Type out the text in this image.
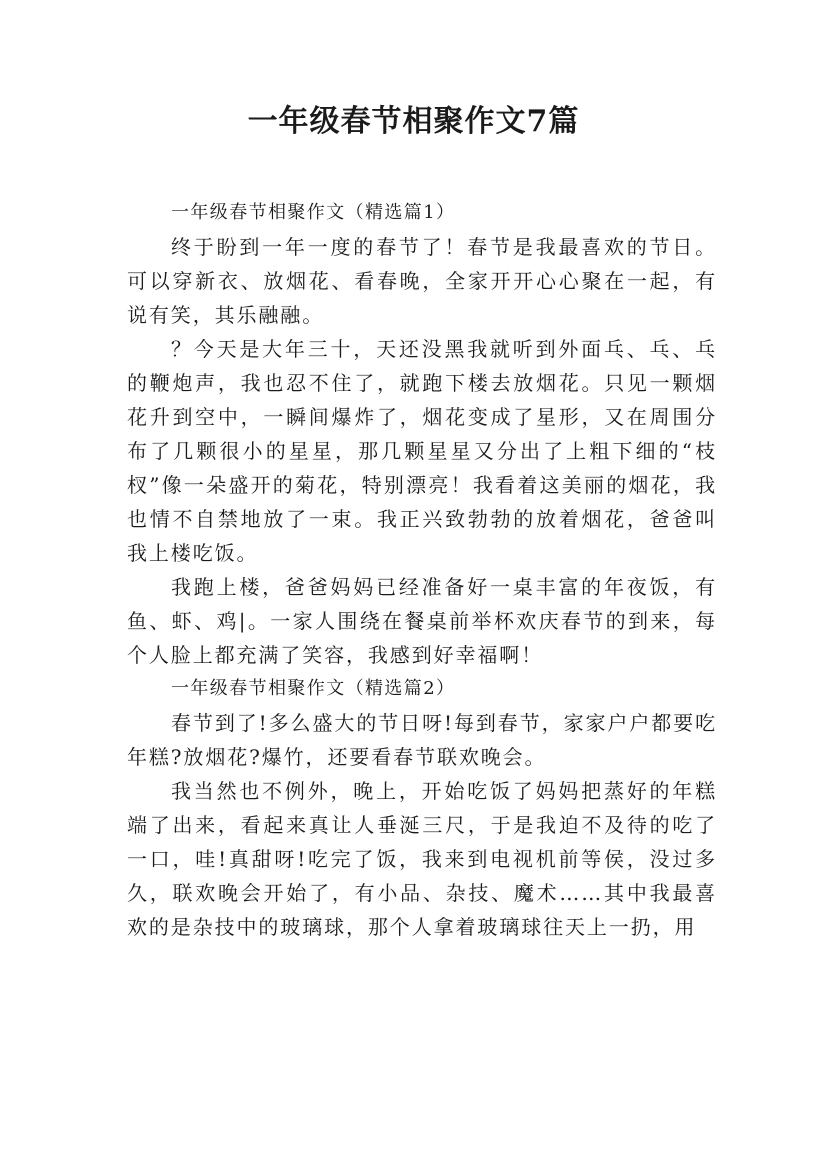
一年级春节相聚作文7篇

一年级春节相聚作文（精选篇1）

终于盼到一年一度的春节了！春节是我最喜欢的节日。可以穿新衣、放烟花、看春晚，全家开开心心聚在一起，有说有笑，其乐融融。

？今天是大年三十，天还没黑我就听到外面乓、乓、乓的鞭炮声，我也忍不住了，就跑下楼去放烟花。只见一颗烟花升到空中，一瞬间爆炸了，烟花变成了星形，又在周围分布了几颗很小的星星，那几颗星星又分出了上粗下细的“枝杈”像一朵盛开的菊花，特别漂亮！我看着这美丽的烟花，我也情不自禁地放了一束。我正兴致勃勃的放着烟花，爸爸叫我上楼吃饭。

我跑上楼，爸爸妈妈已经准备好一桌丰富的年夜饭，有鱼、虾、鸡|。一家人围绕在餐桌前举杯欢庆春节的到来，每个人脸上都充满了笑容，我感到好幸福啊！

一年级春节相聚作文（精选篇2）

春节到了!多么盛大的节日呀!每到春节，家家户户都要吃年糕?放烟花?爆竹，还要看春节联欢晚会。

我当然也不例外，晚上，开始吃饭了妈妈把蒸好的年糕端了出来，看起来真让人垂涎三尺，于是我迫不及待的吃了一口，哇!真甜呀!吃完了饭，我来到电视机前等侯，没过多久，联欢晚会开始了，有小品、杂技、魔术……其中我最喜欢的是杂技中的玻璃球，那个人拿着玻璃球往天上一扔，用
